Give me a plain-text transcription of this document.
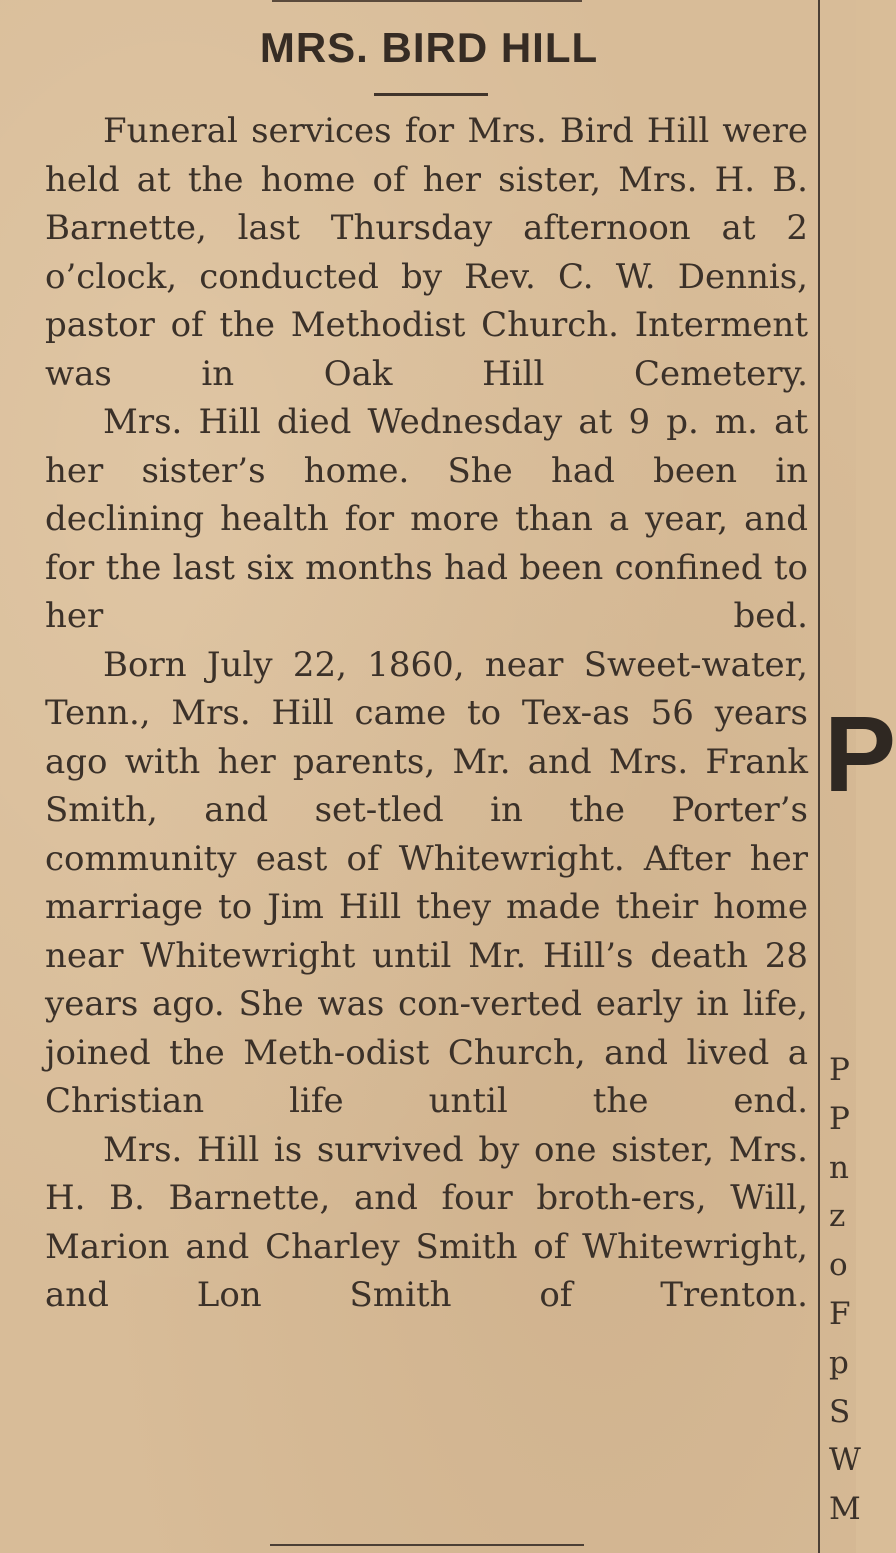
MRS. BIRD HILL

Funeral services for Mrs. Bird Hill were held at the home of her sister, Mrs. H. B. Barnette, last Thursday afternoon at 2 o’clock, conducted by Rev. C. W. Dennis, pastor of the Methodist Church. Interment was in Oak Hill Cemetery.

Mrs. Hill died Wednesday at 9 p. m. at her sister’s home. She had been in declining health for more than a year, and for the last six months had been confined to her bed.

Born July 22, 1860, near Sweet-water, Tenn., Mrs. Hill came to Tex-as 56 years ago with her parents, Mr. and Mrs. Frank Smith, and set-tled in the Porter’s community east of Whitewright. After her marriage to Jim Hill they made their home near Whitewright until Mr. Hill’s death 28 years ago. She was con-verted early in life, joined the Meth-odist Church, and lived a Christian life until the end.

Mrs. Hill is survived by one sister, Mrs. H. B. Barnette, and four broth-ers, Will, Marion and Charley Smith of Whitewright, and Lon Smith of Trenton.

P
P
P
n
z
o
F
p
S
W
M
